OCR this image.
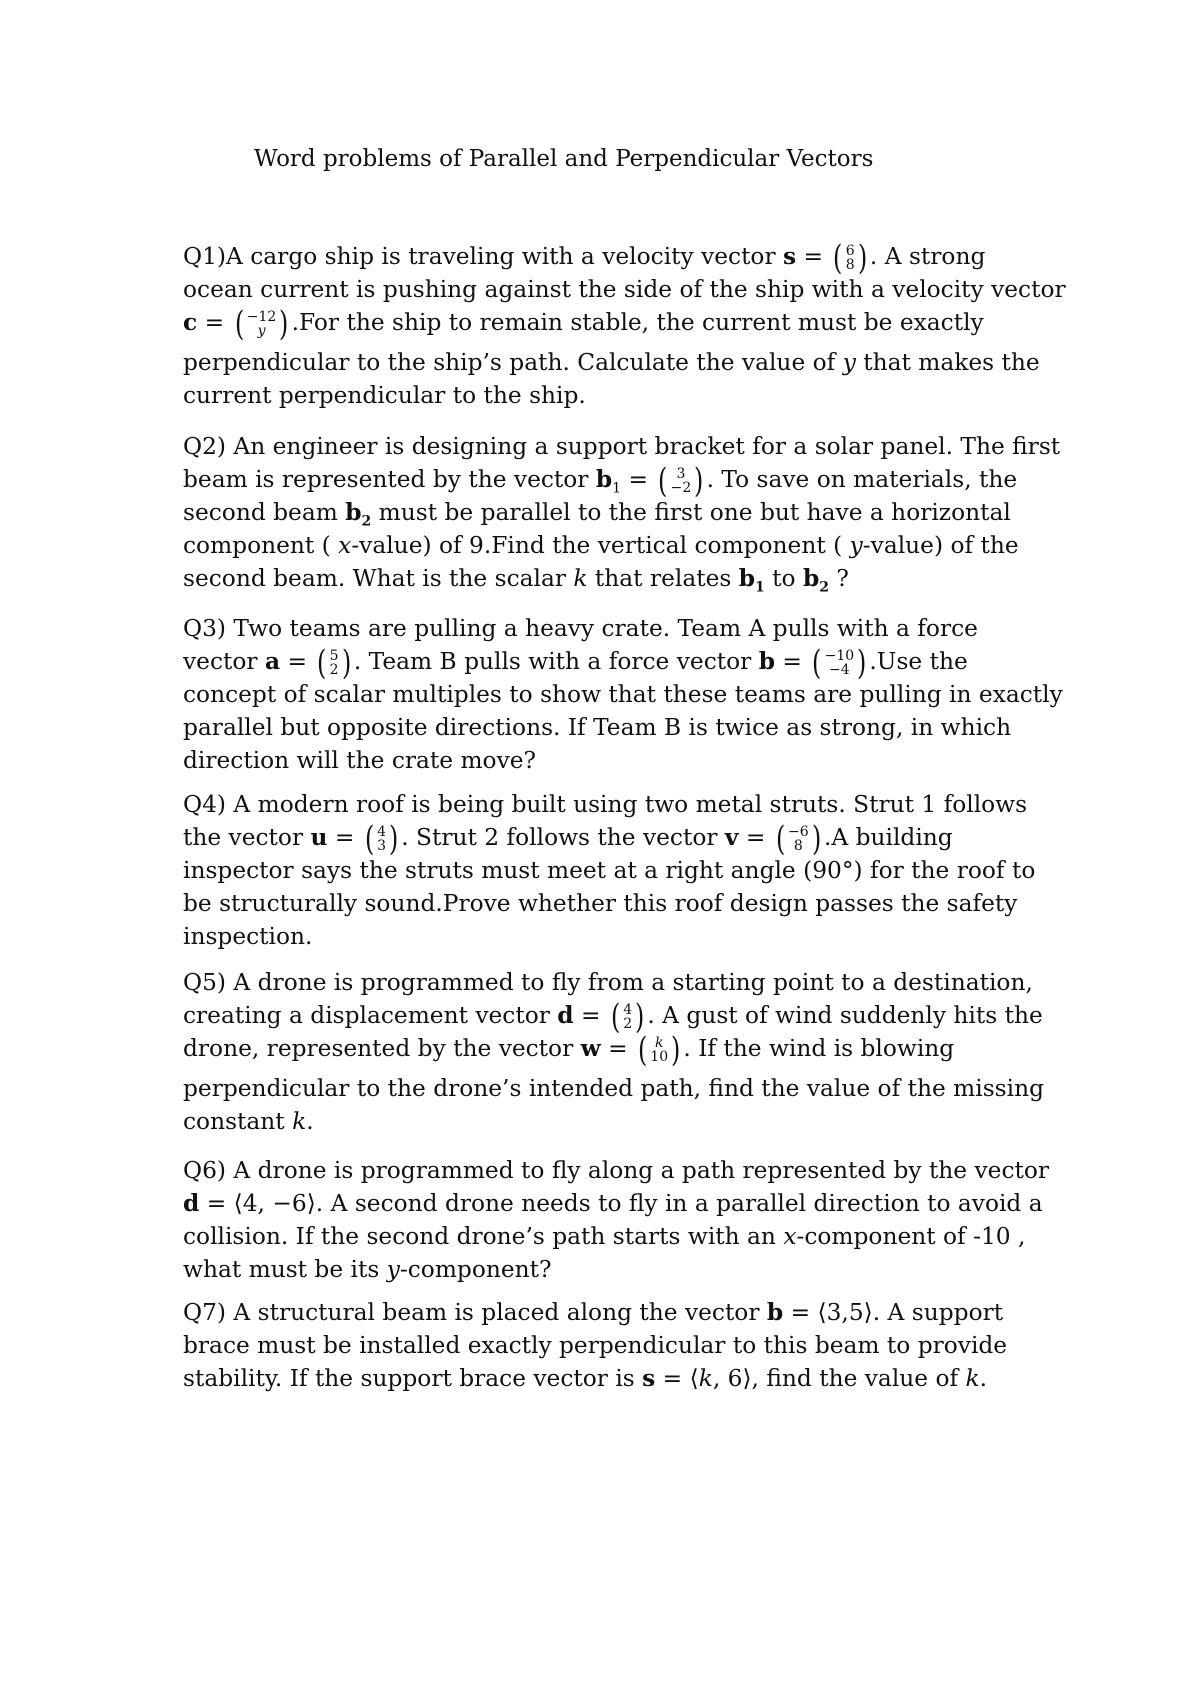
Word problems of Parallel and Perpendicular Vectors
Q1)A cargo ship is traveling with a velocity vector s = ( 6
8 ) . A strong
ocean current is pushing against the side of the ship with a velocity vector
c = ( −12
y ) .For the ship to remain stable, the current must be exactly
perpendicular to the ship’s path. Calculate the value of y that makes the
current perpendicular to the ship.
Q2) An engineer is designing a support bracket for a solar panel. The first
beam is represented by the vector $b_1$ = ( 3
−2 ) . To save on materials, the
second beam $b_2$ must be parallel to the first one but have a horizontal
component ( x-value) of 9.Find the vertical component ( y-value) of the
second beam. What is the scalar k that relates $b_1$ to $b_2$ ?
Q3) Two teams are pulling a heavy crate. Team A pulls with a force
vector a = ( 5
2 ) . Team B pulls with a force vector b = ( −10
−4 ) .Use the
concept of scalar multiples to show that these teams are pulling in exactly
parallel but opposite directions. If Team B is twice as strong, in which
direction will the crate move?
Q4) A modern roof is being built using two metal struts. Strut 1 follows
the vector u = ( 4
3 ) . Strut 2 follows the vector v = ( −6
8 ) .A building
inspector says the struts must meet at a right angle (90°) for the roof to
be structurally sound.Prove whether this roof design passes the safety
inspection.
Q5) A drone is programmed to fly from a starting point to a destination,
creating a displacement vector d = ( 4
2 ) . A gust of wind suddenly hits the
drone, represented by the vector w = ( k
10 ) . If the wind is blowing
perpendicular to the drone’s intended path, find the value of the missing
constant k.
Q6) A drone is programmed to fly along a path represented by the vector
d = ⟨4, −6⟩. A second drone needs to fly in a parallel direction to avoid a
collision. If the second drone’s path starts with an x-component of -10 ,
what must be its y-component?
Q7) A structural beam is placed along the vector b = ⟨3,5⟩. A support
brace must be installed exactly perpendicular to this beam to provide
stability. If the support brace vector is s = ⟨k, 6⟩, find the value of k.
